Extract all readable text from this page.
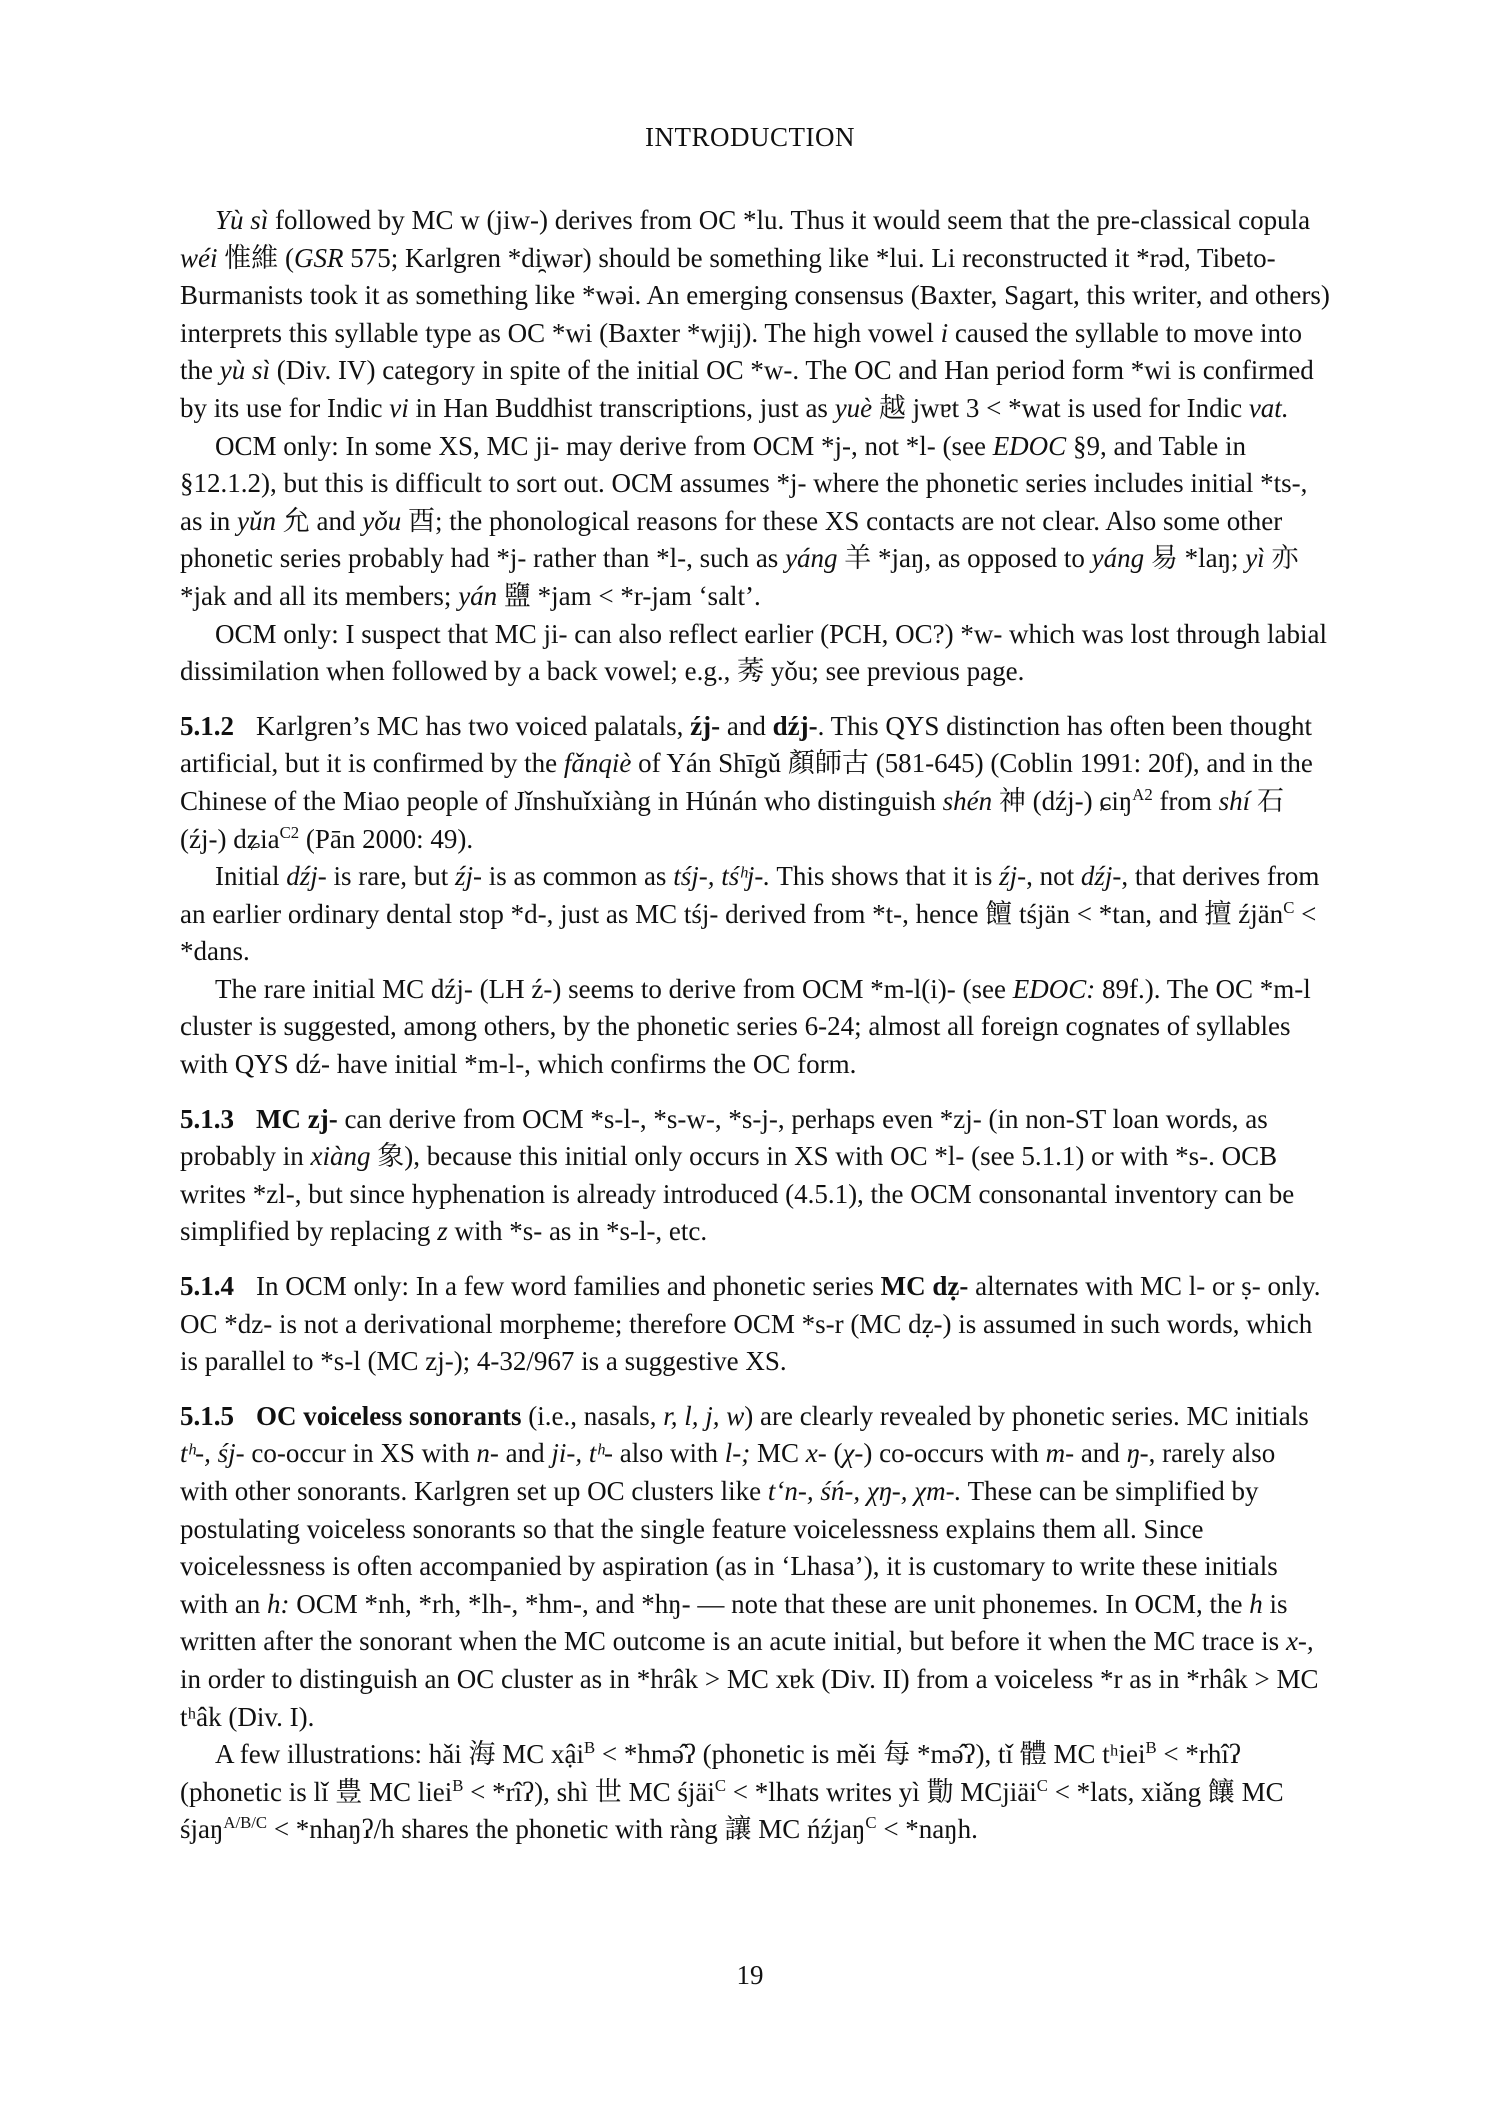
INTRODUCTION

Yù sì followed by MC w (jiw-) derives from OC *lu. Thus it would seem that the pre-classical copula wéi 惟維 (GSR 575; Karlgren *di̯wər) should be something like *lui. Li reconstructed it *rəd, Tibeto-Burmanists took it as something like *wəi. An emerging consensus (Baxter, Sagart, this writer, and others) interprets this syllable type as OC *wi (Baxter *wjij). The high vowel i caused the syllable to move into the yù sì (Div. IV) category in spite of the initial OC *w-. The OC and Han period form *wi is confirmed by its use for Indic vi in Han Buddhist transcriptions, just as yuè 越 jwɐt 3 < *wat is used for Indic vat.

OCM only: In some XS, MC ji- may derive from OCM *j-, not *l- (see EDOC §9, and Table in §12.1.2), but this is difficult to sort out. OCM assumes *j- where the phonetic series includes initial *ts-, as in yǔn 允 and yǒu 酉; the phonological reasons for these XS contacts are not clear. Also some other phonetic series probably had *j- rather than *l-, such as yáng 羊 *jaŋ, as opposed to yáng 易 *laŋ; yì 亦 *jak and all its members; yán 鹽 *jam < *r-jam ‘salt’.

OCM only: I suspect that MC ji- can also reflect earlier (PCH, OC?) *w- which was lost through labial dissimilation when followed by a back vowel; e.g., 莠 yǒu; see previous page.

5.1.2 Karlgren’s MC has two voiced palatals, źj- and dźj-. This QYS distinction has often been thought artificial, but it is confirmed by the fǎnqiè of Yán Shīgǔ 顏師古 (581-645) (Coblin 1991: 20f), and in the Chinese of the Miao people of Jǐnshuǐxiàng in Húnán who distinguish shén 神 (dźj-) ɕiŋ$^{A2}$ from shí 石 (źj-) dʑia$^{C2}$ (Pān 2000: 49).

Initial dźj- is rare, but źj- is as common as tśj-, tśʰj-. This shows that it is źj-, not dźj-, that derives from an earlier ordinary dental stop *d-, just as MC tśj- derived from *t-, hence 饘 tśjän < *tan, and 擅 źjän$^C$ < *dans.

The rare initial MC dźj- (LH ź-) seems to derive from OCM *m-l(i)- (see EDOC: 89f.). The OC *m-l cluster is suggested, among others, by the phonetic series 6-24; almost all foreign cognates of syllables with QYS dź- have initial *m-l-, which confirms the OC form.

5.1.3 MC zj- can derive from OCM *s-l-, *s-w-, *s-j-, perhaps even *zj- (in non-ST loan words, as probably in xiàng 象), because this initial only occurs in XS with OC *l- (see 5.1.1) or with *s-. OCB writes *zl-, but since hyphenation is already introduced (4.5.1), the OCM consonantal inventory can be simplified by replacing z with *s- as in *s-l-, etc.

5.1.4 In OCM only: In a few word families and phonetic series MC dẓ- alternates with MC l- or ṣ- only. OC *dz- is not a derivational morpheme; therefore OCM *s-r (MC dẓ-) is assumed in such words, which is parallel to *s-l (MC zj-); 4-32/967 is a suggestive XS.

5.1.5 OC voiceless sonorants (i.e., nasals, r, l, j, w) are clearly revealed by phonetic series. MC initials tʰ-, śj- co-occur in XS with n- and ji-, tʰ- also with l-; MC x- (χ-) co-occurs with m- and ŋ-, rarely also with other sonorants. Karlgren set up OC clusters like t‘n-, śń-, χŋ-, χm-. These can be simplified by postulating voiceless sonorants so that the single feature voicelessness explains them all. Since voicelessness is often accompanied by aspiration (as in ‘Lhasa’), it is customary to write these initials with an h: OCM *nh, *rh, *lh-, *hm-, and *hŋ- — note that these are unit phonemes. In OCM, the h is written after the sonorant when the MC outcome is an acute initial, but before it when the MC trace is x-, in order to distinguish an OC cluster as in *hrâk > MC xɐk (Div. II) from a voiceless *r as in *rhâk > MC tʰâk (Div. I).

A few illustrations: hǎi 海 MC xậi$^B$ < *hmə̂ʔ (phonetic is měi 每 *mə̂ʔ), tǐ 體 MC tʰiei$^B$ < *rhîʔ (phonetic is lǐ 豊 MC liei$^B$ < *rîʔ), shì 世 MC śjäi$^C$ < *lhats writes yì 勩 MCjiäi$^C$ < *lats, xiǎng 饟 MC śjaŋ$^{A/B/C}$ < *nhaŋʔ/h shares the phonetic with ràng 讓 MC ńźjaŋ$^C$ < *naŋh.

19
